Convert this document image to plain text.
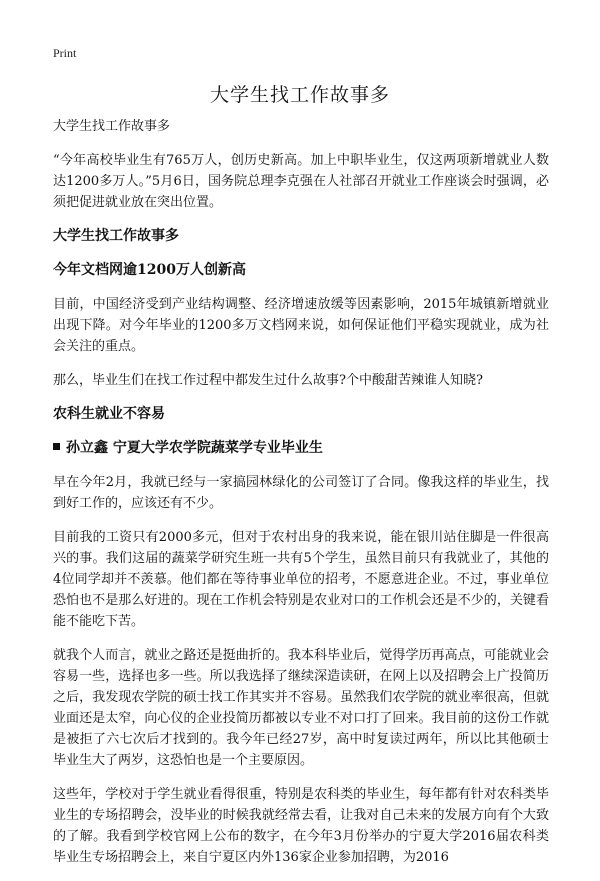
Print
大学生找工作故事多

大学生找工作故事多

“今年高校毕业生有765万人，创历史新高。加上中职毕业生，仅这两项新增就业人数达1200多万人。”5月6日，国务院总理李克强在人社部召开就业工作座谈会时强调，必须把促进就业放在突出位置。

大学生找工作故事多
今年文档网逾1200万人创新高

目前，中国经济受到产业结构调整、经济增速放缓等因素影响，2015年城镇新增就业出现下降。对今年毕业的1200多万文档网来说，如何保证他们平稳实现就业，成为社会关注的重点。

那么，毕业生们在找工作过程中都发生过什么故事?个中酸甜苦辣谁人知晓?

农科生就业不容易
孙立鑫 宁夏大学农学院蔬菜学专业毕业生

早在今年2月，我就已经与一家搞园林绿化的公司签订了合同。像我这样的毕业生，找到好工作的，应该还有不少。

目前我的工资只有2000多元，但对于农村出身的我来说，能在银川站住脚是一件很高兴的事。我们这届的蔬菜学研究生班一共有5个学生，虽然目前只有我就业了，其他的4位同学却并不羡慕。他们都在等待事业单位的招考，不愿意进企业。不过，事业单位恐怕也不是那么好进的。现在工作机会特别是农业对口的工作机会还是不少的，关键看能不能吃下苦。

就我个人而言，就业之路还是挺曲折的。我本科毕业后，觉得学历再高点，可能就业会容易一些，选择也多一些。所以我选择了继续深造读研，在网上以及招聘会上广投简历之后，我发现农学院的硕士找工作其实并不容易。虽然我们农学院的就业率很高，但就业面还是太窄，向心仪的企业投简历都被以专业不对口打了回来。我目前的这份工作就是被拒了六七次后才找到的。我今年已经27岁，高中时复读过两年，所以比其他硕士毕业生大了两岁，这恐怕也是一个主要原因。

这些年，学校对于学生就业看得很重，特别是农科类的毕业生，每年都有针对农科类毕业生的专场招聘会，没毕业的时候我就经常去看，让我对自己未来的发展方向有个大致的了解。我看到学校官网上公布的数字，在今年3月份举办的宁夏大学2016届农科类毕业生专场招聘会上，来自宁夏区内外136家企业参加招聘，为2016
